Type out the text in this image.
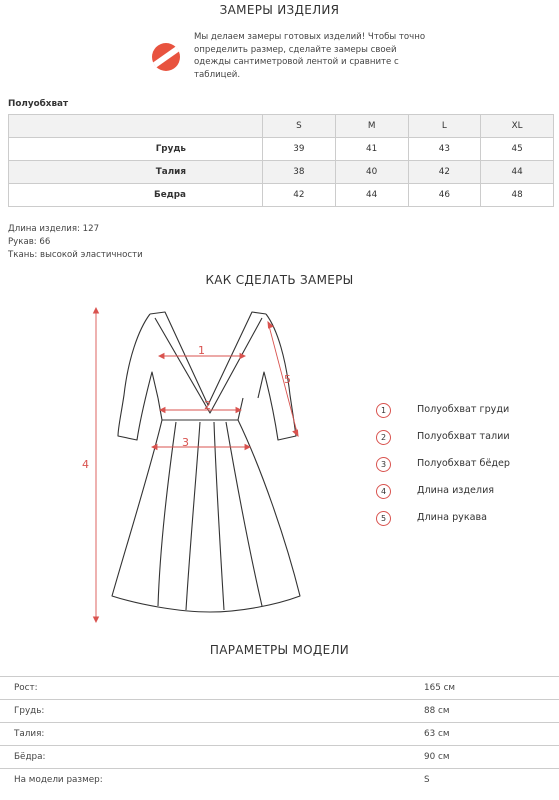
ЗАМЕРЫ ИЗДЕЛИЯ
Мы делаем замеры готовых изделий! Чтобы точно определить размер, сделайте замеры своей одежды сантиметровой лентой и сравните с таблицей.
Полуобхват
	S	M	L	XL
Грудь	39	41	43	45
Талия	38	40	42	44
Бедра	42	44	46	48
Длина изделия: 127
Рукав: 66
Ткань: высокой эластичности
КАК СДЕЛАТЬ ЗАМЕРЫ
1
2
3
4
5
1	Полуобхват груди
2	Полуобхват талии
3	Полуобхват бёдер
4	Длина изделия
5	Длина рукава
ПАРАМЕТРЫ МОДЕЛИ
Рост:	165 см
Грудь:	88 см
Талия:	63 см
Бёдра:	90 см
На модели размер:	S
